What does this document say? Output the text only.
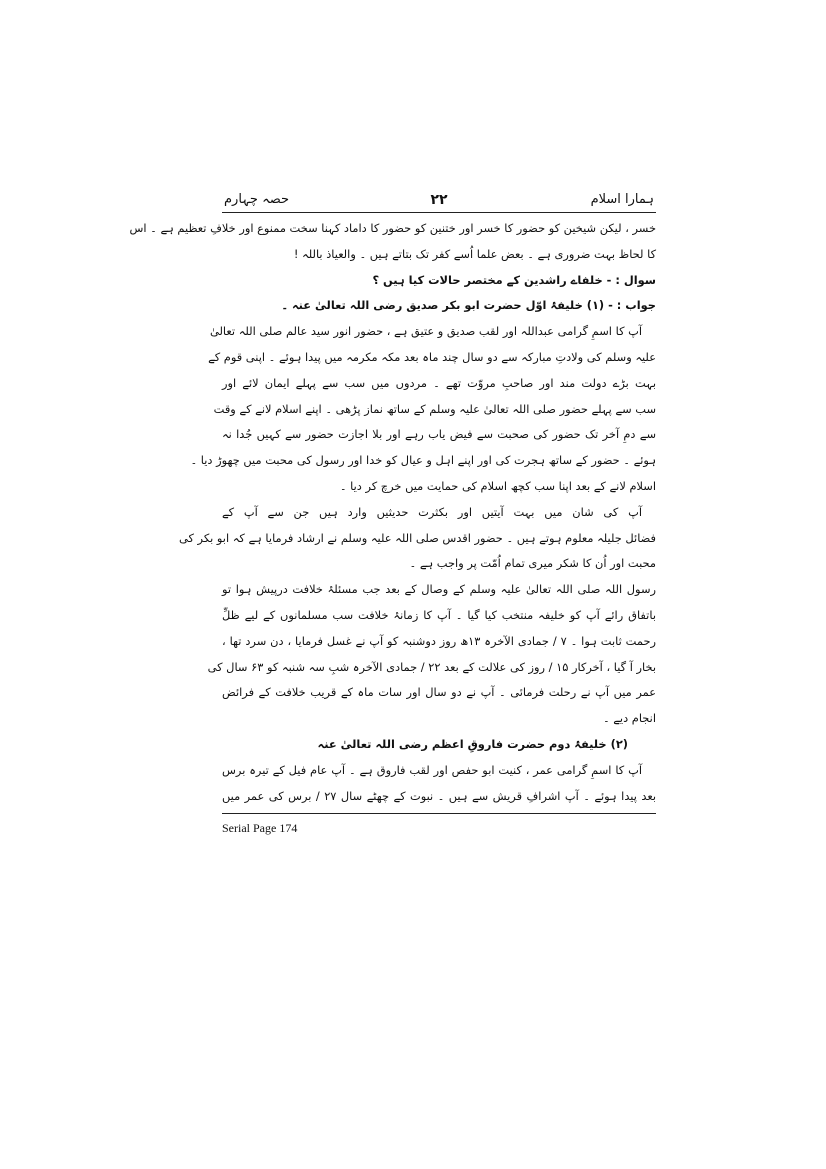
ہمارا اسلام
۲۲
حصہ چہارم
خسر ، لیکن شیخین کو حضور کا خسر اور ختنین کو حضور کا داماد کہنا سخت ممنوع اور خلافِ تعظیم ہے ۔ اس
کا لحاظ بہت ضروری ہے ۔ بعض علما اُسے کفر تک بتاتے ہیں ۔ والعیاذ باللہ !
سوال : - خلفاے راشدین کے مختصر حالات کیا ہیں ؟
جواب : - (۱) خلیفۂ اوّل حضرت ابو بکر صدیق رضی اللہ تعالیٰ عنہ ۔
آپ کا اسمِ گرامی عبداللہ اور لقب صدیق و عتیق ہے ، حضور انور سید عالم صلی اللہ تعالیٰ
علیہ وسلم کی ولادتِ مبارکہ سے دو سال چند ماہ بعد مکہ مکرمہ میں پیدا ہوئے ۔ اپنی قوم کے
بہت بڑے دولت مند اور صاحبِ مروّت تھے ۔ مردوں میں سب سے پہلے ایمان لائے اور
سب سے پہلے حضور صلی اللہ تعالیٰ علیہ وسلم کے ساتھ نماز پڑھی ۔ اپنے اسلام لانے کے وقت
سے دمِ آخر تک حضور کی صحبت سے فیض یاب رہے اور بلا اجازت حضور سے کہیں جُدا نہ
ہوئے ۔ حضور کے ساتھ ہجرت کی اور اپنے اہل و عیال کو خدا اور رسول کی محبت میں چھوڑ دیا ۔
اسلام لانے کے بعد اپنا سب کچھ اسلام کی حمایت میں خرچ کر دیا ۔
آپ کی شان میں بہت آیتیں اور بکثرت حدیثیں وارد ہیں جن سے آپ کے
فضائل جلیلہ معلوم ہوتے ہیں ۔ حضور اقدس صلی اللہ علیہ وسلم نے ارشاد فرمایا ہے کہ ابو بکر کی
محبت اور اُن کا شکر میری تمام اُمّت پر واجب ہے ۔
رسول اللہ صلی اللہ تعالیٰ علیہ وسلم کے وصال کے بعد جب مسئلۂ خلافت درپیش ہوا تو
باتفاق رائے آپ کو خلیفہ منتخب کیا گیا ۔ آپ کا زمانۂ خلافت سب مسلمانوں کے لیے ظلِّ
رحمت ثابت ہوا ۔ ۷ / جمادی الآخرہ ۱۳ھ روز دوشنبہ کو آپ نے غسل فرمایا ، دن سرد تھا ،
بخار آ گیا ، آخرکار ۱۵ / روز کی علالت کے بعد ۲۲ / جمادی الآخرہ شبِ سہ شنبہ کو ۶۳ سال کی
عمر میں آپ نے رحلت فرمائی ۔ آپ نے دو سال اور سات ماہ کے قریب خلافت کے فرائض
انجام دیے ۔
(۲) خلیفۂ دوم حضرت فاروقِ اعظم رضی اللہ تعالیٰ عنہ
آپ کا اسمِ گرامی عمر ، کنیت ابو حفص اور لقب فاروق ہے ۔ آپ عام فیل کے تیرہ برس
بعد پیدا ہوئے ۔ آپ اشرافِ قریش سے ہیں ۔ نبوت کے چھٹے سال ۲۷ / برس کی عمر میں
Serial Page 174
